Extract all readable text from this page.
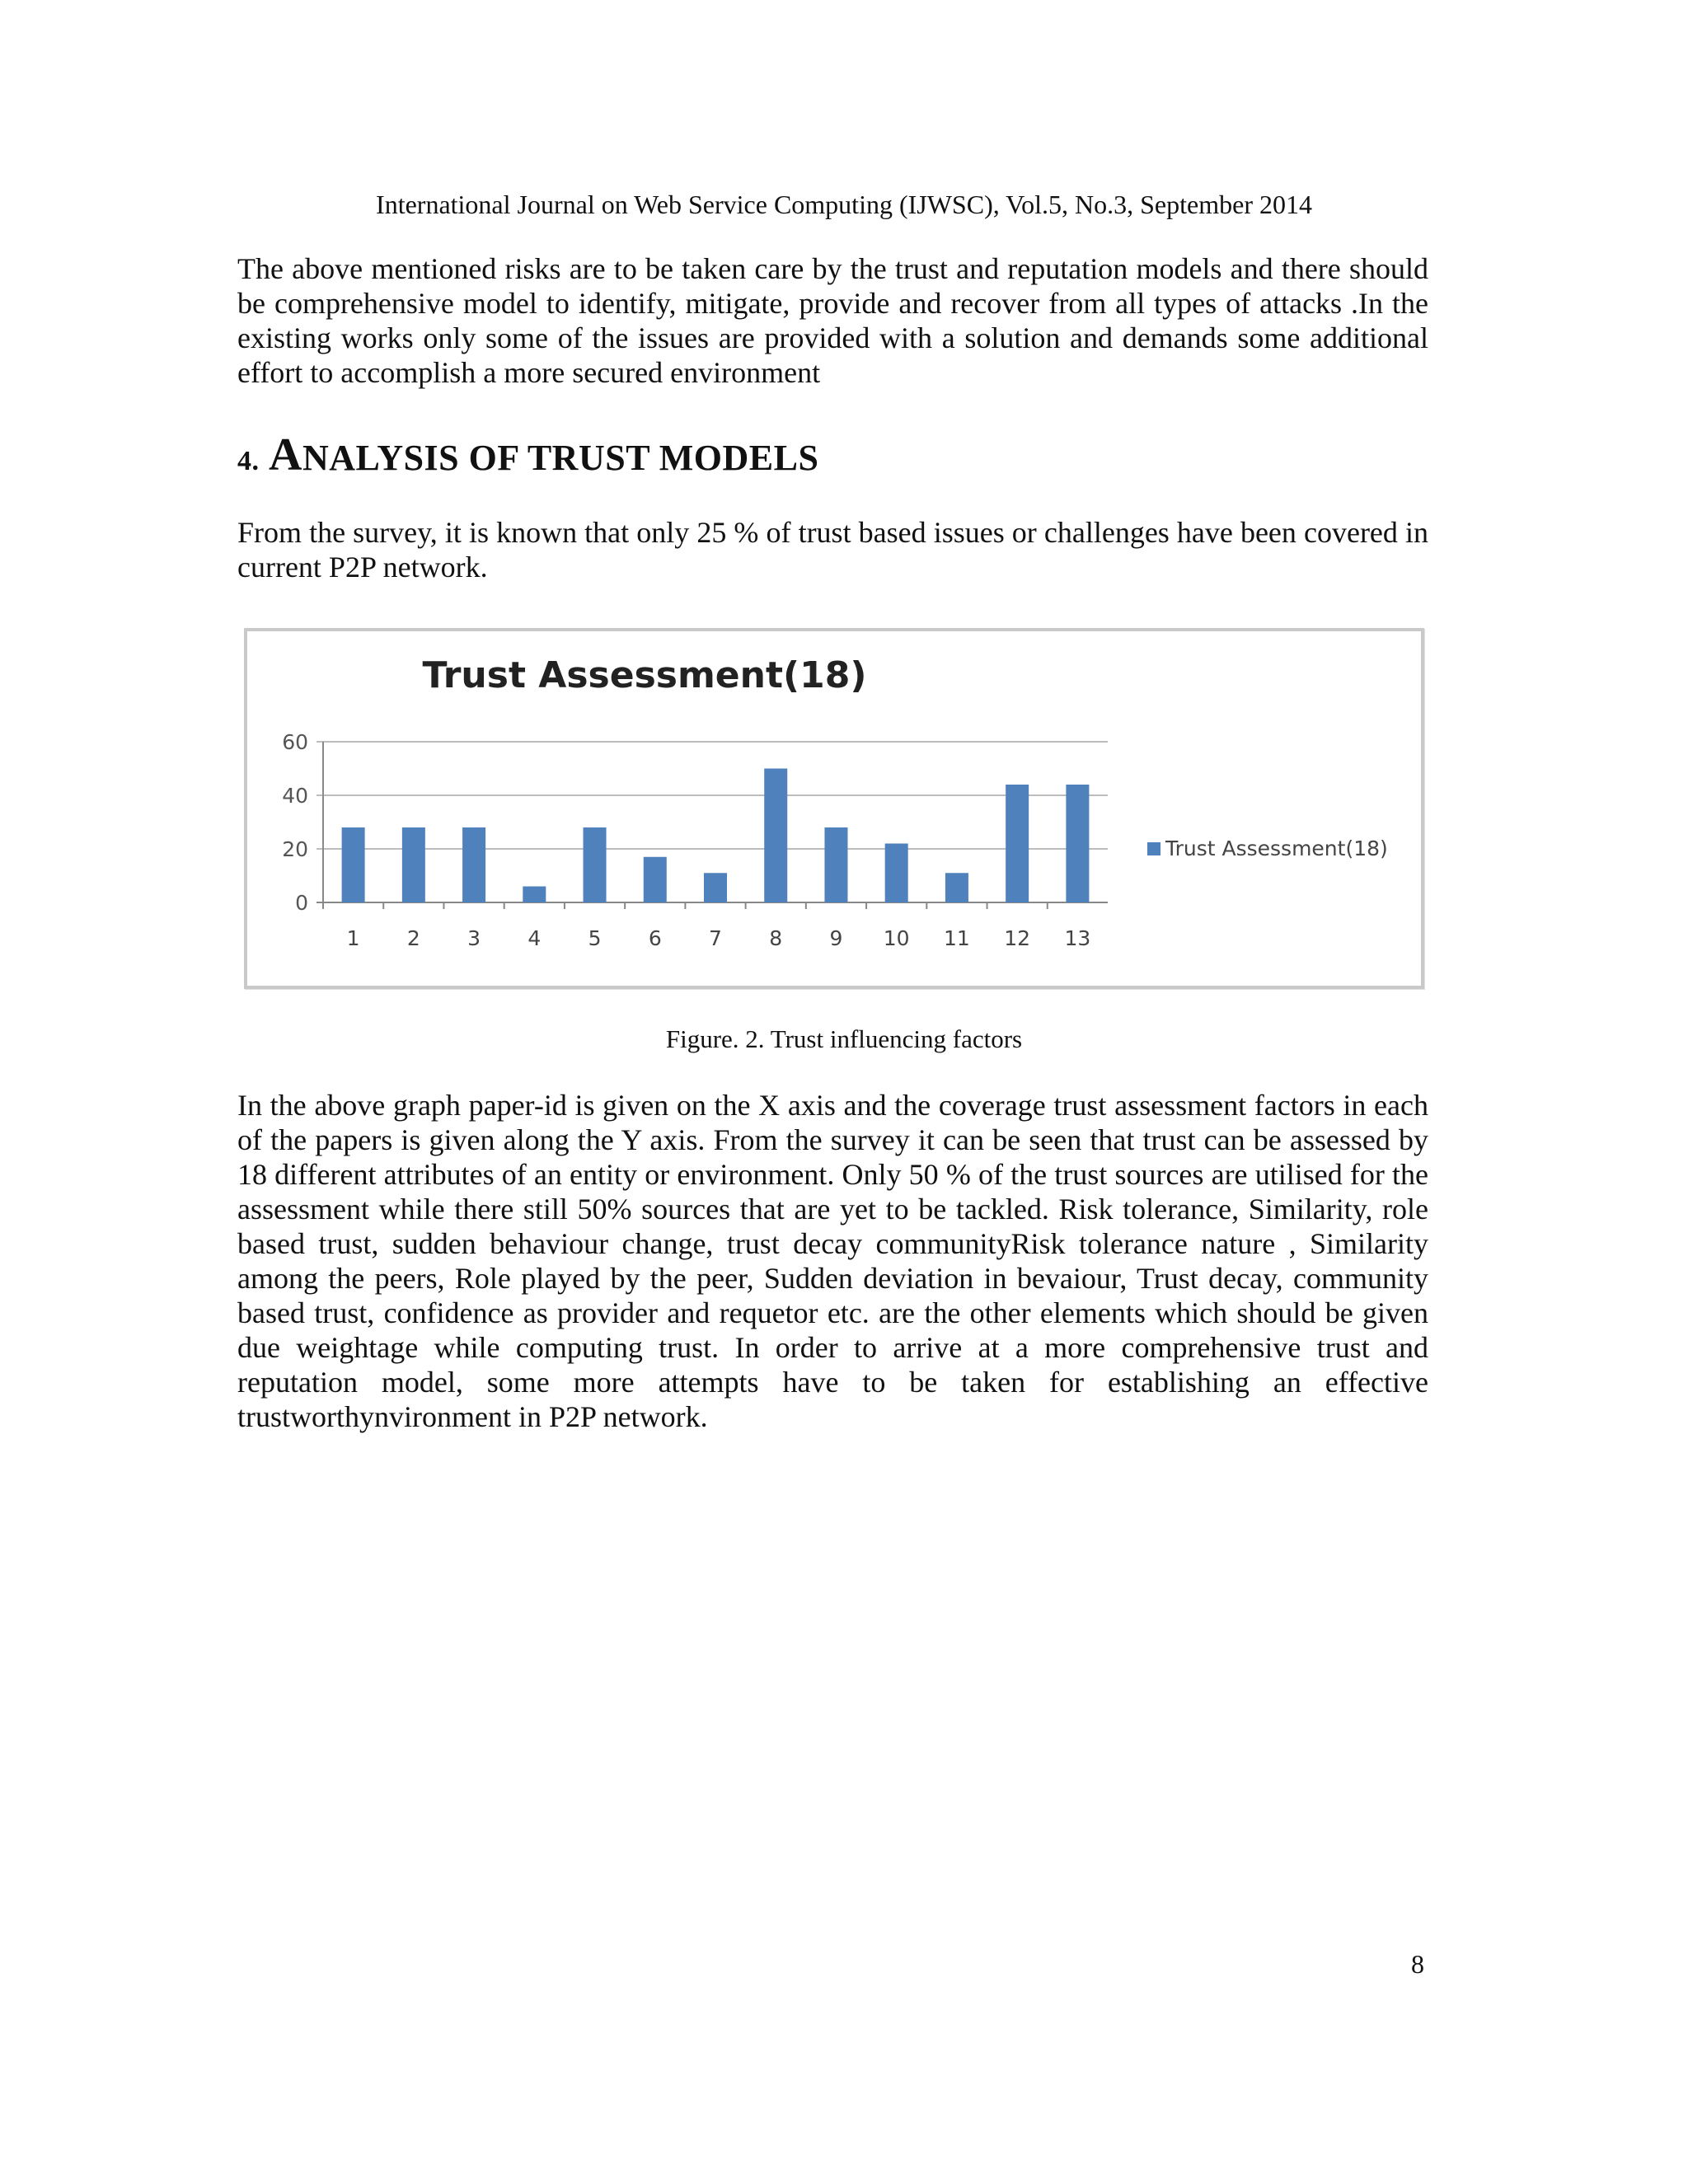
International Journal on Web Service Computing (IJWSC), Vol.5, No.3, September 2014

The above mentioned risks are to be taken care by the trust and reputation models and there should be comprehensive model to identify, mitigate, provide and recover from all types of attacks .In the existing works only some of the issues are provided with a solution and demands some additional effort to accomplish a more secured environment

4. ANALYSIS OF TRUST MODELS

From the survey, it is known that only 25 % of trust based issues or challenges have been covered in current P2P network.

0
20
40
60
1 2 3 4 5 6 7 8 9 10 11 12 13
Trust Assessment(18)
Trust Assessment(18)
Figure. 2. Trust influencing factors

In the above graph paper-id is given on the X axis and the coverage trust assessment factors in each of the papers is given along the Y axis. From the survey it can be seen that trust can be assessed by 18 different attributes of an entity or environment. Only 50 % of the trust sources are utilised for the assessment while there still 50% sources that are yet to be tackled. Risk tolerance, Similarity, role based trust, sudden behaviour change, trust decay communityRisk tolerance nature , Similarity among the peers, Role played by the peer, Sudden deviation in bevaiour, Trust decay, community based trust, confidence as provider and requetor etc. are the other elements which should be given due weightage while computing trust. In order to arrive at a more comprehensive trust and reputation model, some more attempts have to be taken for establishing an effective trustworthynvironment in P2P network.

8
